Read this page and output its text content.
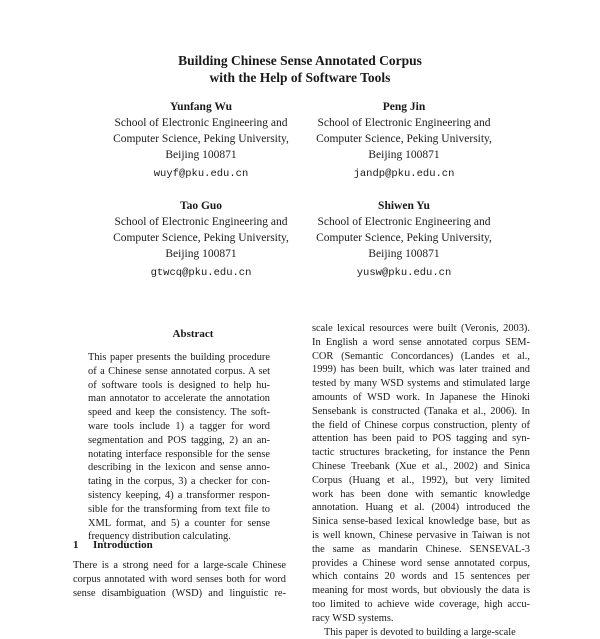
Building Chinese Sense Annotated Corpus
with the Help of Software Tools
Yunfang Wu
School of Electronic Engineering and
Computer Science, Peking University,
Beijing 100871
wuyf@pku.edu.cn
Peng Jin
School of Electronic Engineering and
Computer Science, Peking University,
Beijing 100871
jandp@pku.edu.cn
Tao Guo
School of Electronic Engineering and
Computer Science, Peking University,
Beijing 100871
gtwcq@pku.edu.cn
Shiwen Yu
School of Electronic Engineering and
Computer Science, Peking University,
Beijing 100871
yusw@pku.edu.cn
Abstract
This paper presents the building procedure
of a Chinese sense annotated corpus. A set
of software tools is designed to help hu-
man annotator to accelerate the annotation
speed and keep the consistency. The soft-
ware tools include 1) a tagger for word
segmentation and POS tagging, 2) an an-
notating interface responsible for the sense
describing in the lexicon and sense anno-
tating in the corpus, 3) a checker for con-
sistency keeping, 4) a transformer respon-
sible for the transforming from text file to
XML format, and 5) a counter for sense
frequency distribution calculating.
1 Introduction
There is a strong need for a large-scale Chinese
corpus annotated with word senses both for word
sense disambiguation (WSD) and linguistic re-
scale lexical resources were built (Veronis, 2003).
In English a word sense annotated corpus SEM-
COR (Semantic Concordances) (Landes et al.,
1999) has been built, which was later trained and
tested by many WSD systems and stimulated large
amounts of WSD work. In Japanese the Hinoki
Sensebank is constructed (Tanaka et al., 2006). In
the field of Chinese corpus construction, plenty of
attention has been paid to POS tagging and syn-
tactic structures bracketing, for instance the Penn
Chinese Treebank (Xue et al., 2002) and Sinica
Corpus (Huang et al., 1992), but very limited
work has been done with semantic knowledge
annotation. Huang et al. (2004) introduced the
Sinica sense-based lexical knowledge base, but as
is well known, Chinese pervasive in Taiwan is not
the same as mandarin Chinese. SENSEVAL-3
provides a Chinese word sense annotated corpus,
which contains 20 words and 15 sentences per
meaning for most words, but obviously the data is
too limited to achieve wide coverage, high accu-
racy WSD systems.
This paper is devoted to building a large-scale
